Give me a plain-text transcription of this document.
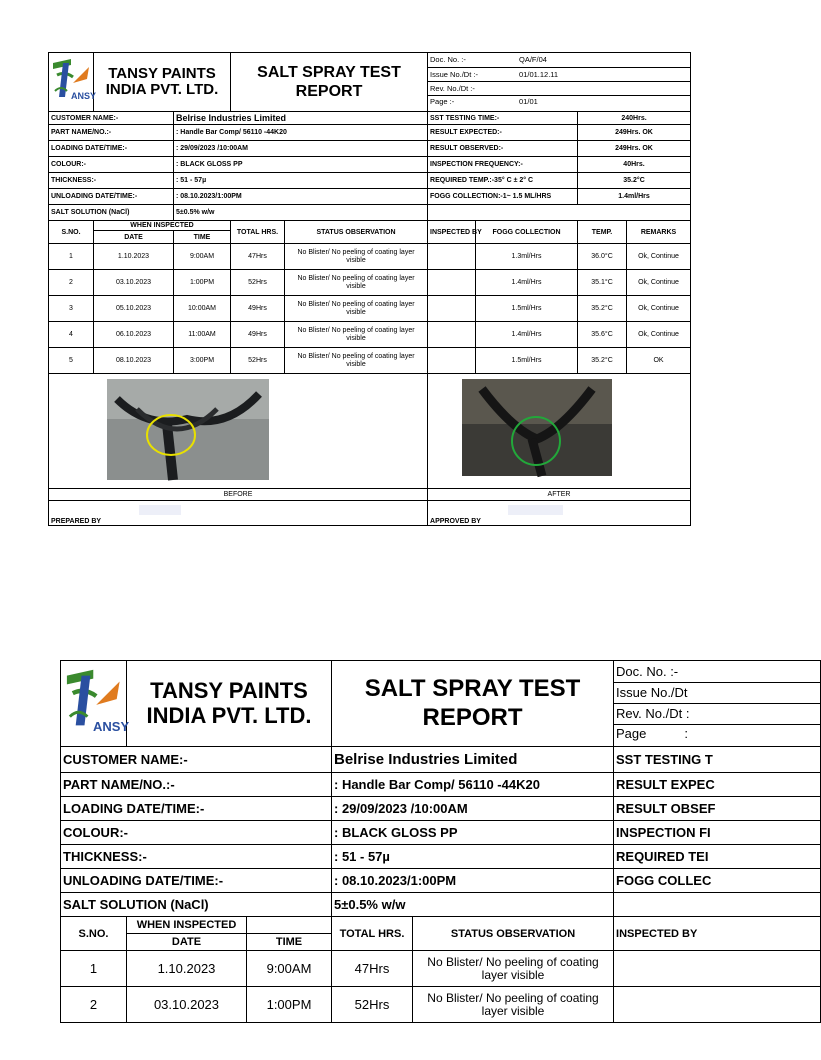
ANSY

TANSY PAINTS
INDIA PVT. LTD.

SALT SPRAY TEST
REPORT

Doc. No. :-	QA/F/04
Issue No./Dt :-	01/01.12.11
Rev. No./Dt :-	
Page :-	01/01

CUSTOMER NAME:-	Belrise Industries Limited	SST TESTING TIME:-	240Hrs.
PART NAME/NO.:-	: Handle Bar Comp/ 56110 -44K20	RESULT EXPECTED:-	249Hrs. OK
LOADING DATE/TIME:-	: 29/09/2023 /10:00AM	RESULT OBSERVED:-	249Hrs. OK
COLOUR:-	: BLACK GLOSS PP	INSPECTION FREQUENCY:-	40Hrs.
THICKNESS:-	: 51 - 57µ	REQUIRED TEMP.:-35° C ± 2° C	35.2°C
UNLOADING DATE/TIME:-	: 08.10.2023/1:00PM	FOGG COLLECTION:-1~ 1.5 ML/HRS	1.4ml/Hrs
SALT SOLUTION (NaCl)	5±0.5% w/w	
S.NO.	WHEN INSPECTED	TOTAL HRS.	STATUS OBSERVATION	INSPECTED BY	FOGG COLLECTION	TEMP.	REMARKS
DATE	TIME
1	1.10.2023	9:00AM	47Hrs	No Blister/ No peeling of coating layer visible		1.3ml/Hrs	36.0°C	Ok, Continue
2	03.10.2023	1:00PM	52Hrs	No Blister/ No peeling of coating layer visible		1.4ml/Hrs	35.1°C	Ok, Continue
3	05.10.2023	10:00AM	49Hrs	No Blister/ No peeling of coating layer visible		1.5ml/Hrs	35.2°C	Ok, Continue
4	06.10.2023	11:00AM	49Hrs	No Blister/ No peeling of coating layer visible		1.4ml/Hrs	35.6°C	Ok, Continue
5	08.10.2023	3:00PM	52Hrs	No Blister/ No peeling of coating layer visible		1.5ml/Hrs	35.2°C	OK

BEFORE	AFTER
PREPARED BY	APPROVED BY
ANSY

TANSY PAINTS
INDIA PVT. LTD.

SALT SPRAY TEST
REPORT

Doc. No. :-
Issue No./Dt
Rev. No./Dt :
Page	:

CUSTOMER NAME:-	Belrise Industries Limited	SST TESTING T
PART NAME/NO.:-	: Handle Bar Comp/ 56110 -44K20	RESULT EXPEC
LOADING DATE/TIME:-	: 29/09/2023 /10:00AM	RESULT OBSEF
COLOUR:-	: BLACK GLOSS PP	INSPECTION FI
THICKNESS:-	: 51 - 57µ	REQUIRED TEI
UNLOADING DATE/TIME:-	: 08.10.2023/1:00PM	FOGG COLLEC
SALT SOLUTION (NaCl)	5±0.5% w/w	
S.NO.	WHEN INSPECTED		TOTAL HRS.	STATUS OBSERVATION	INSPECTED BY
DATE	TIME
1	1.10.2023	9:00AM	47Hrs	No Blister/ No peeling of coating layer visible	
2	03.10.2023	1:00PM	52Hrs	No Blister/ No peeling of coating layer visible	
